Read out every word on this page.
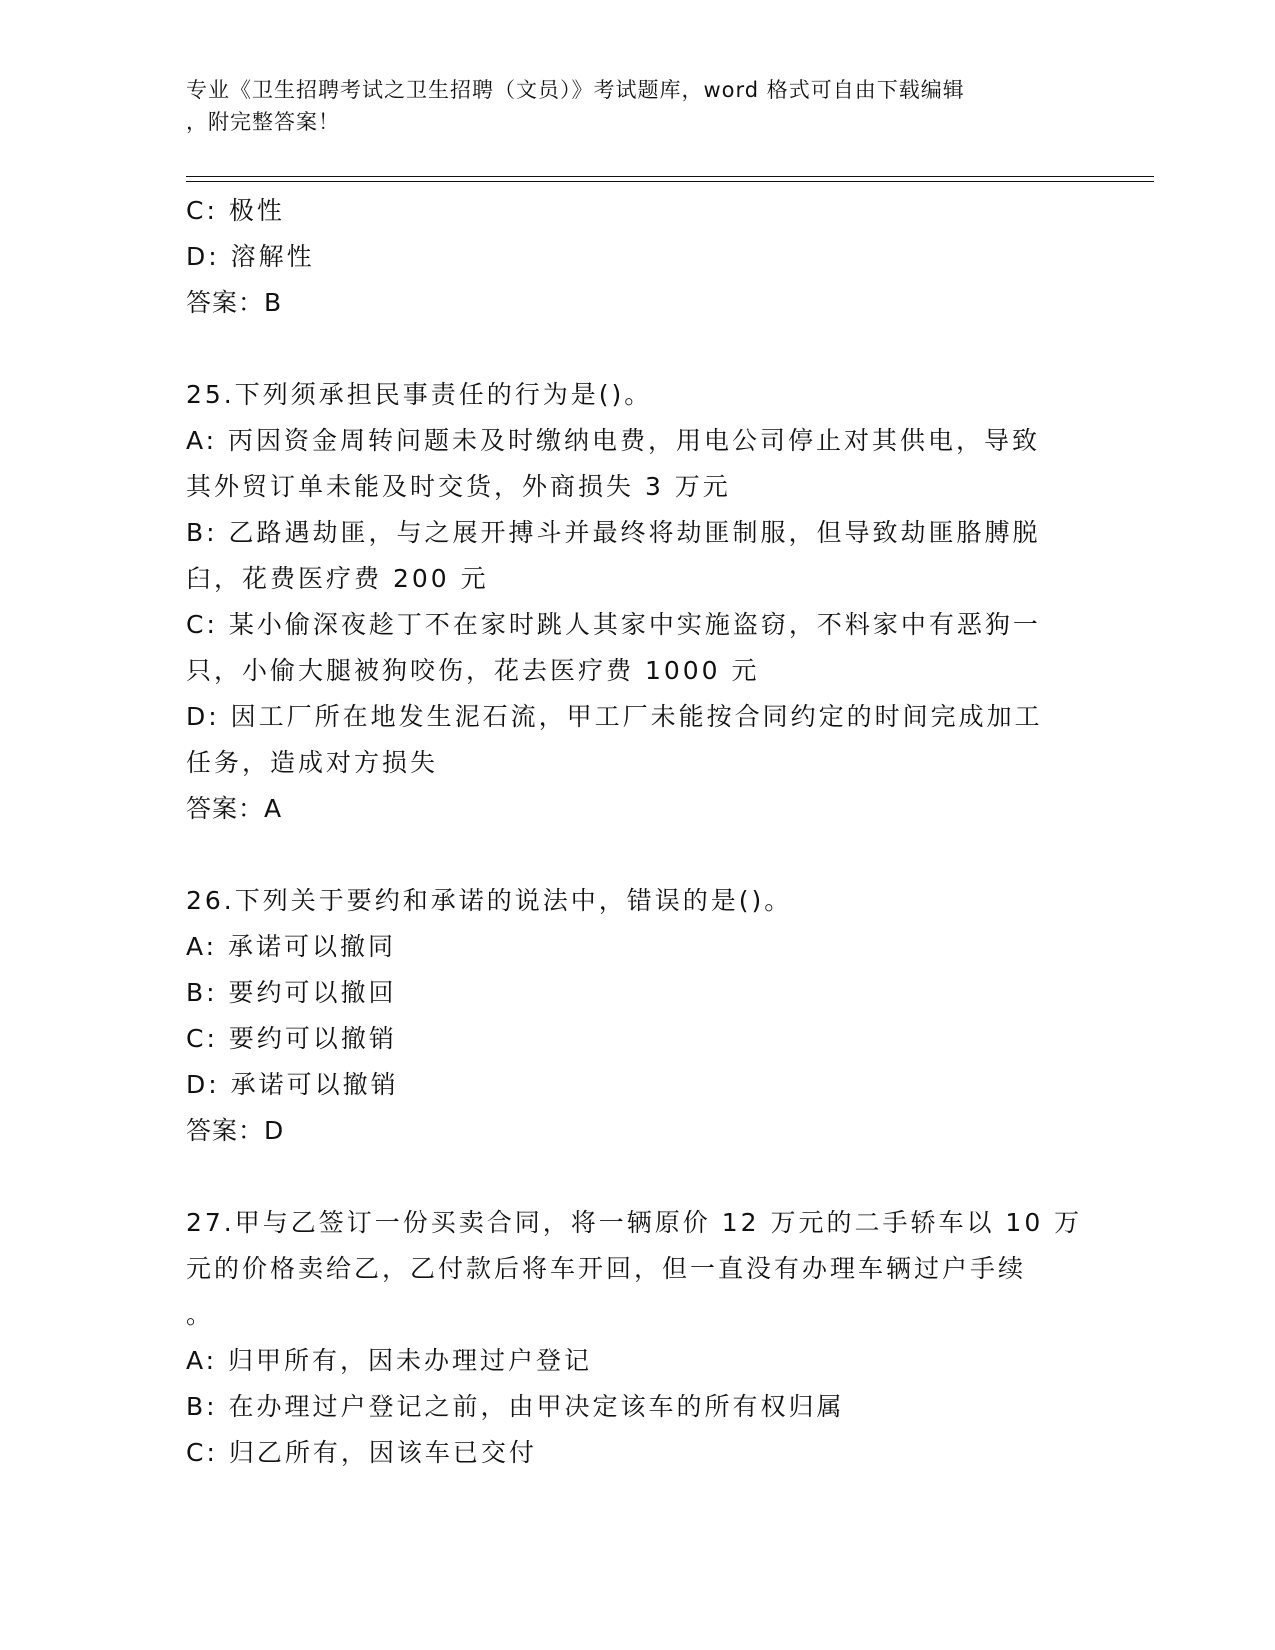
专业《卫生招聘考试之卫生招聘（文员）》考试题库，word 格式可自由下载编辑
，附完整答案！
C: 极性
D: 溶解性
答案：B
25.下列须承担民事责任的行为是()。
A: 丙因资金周转问题未及时缴纳电费，用电公司停止对其供电，导致
其外贸订单未能及时交货，外商损失 3 万元
B: 乙路遇劫匪，与之展开搏斗并最终将劫匪制服，但导致劫匪胳膊脱
臼，花费医疗费 200 元
C: 某小偷深夜趁丁不在家时跳人其家中实施盗窃，不料家中有恶狗一
只，小偷大腿被狗咬伤，花去医疗费 1000 元
D: 因工厂所在地发生泥石流，甲工厂未能按合同约定的时间完成加工
任务，造成对方损失
答案：A
26.下列关于要约和承诺的说法中，错误的是()。
A: 承诺可以撤同
B: 要约可以撤回
C: 要约可以撤销
D: 承诺可以撤销
答案：D
27.甲与乙签订一份买卖合同，将一辆原价 12 万元的二手轿车以 10 万
元的价格卖给乙，乙付款后将车开回，但一直没有办理车辆过户手续
。
A: 归甲所有，因未办理过户登记
B: 在办理过户登记之前，由甲决定该车的所有权归属
C: 归乙所有，因该车已交付
